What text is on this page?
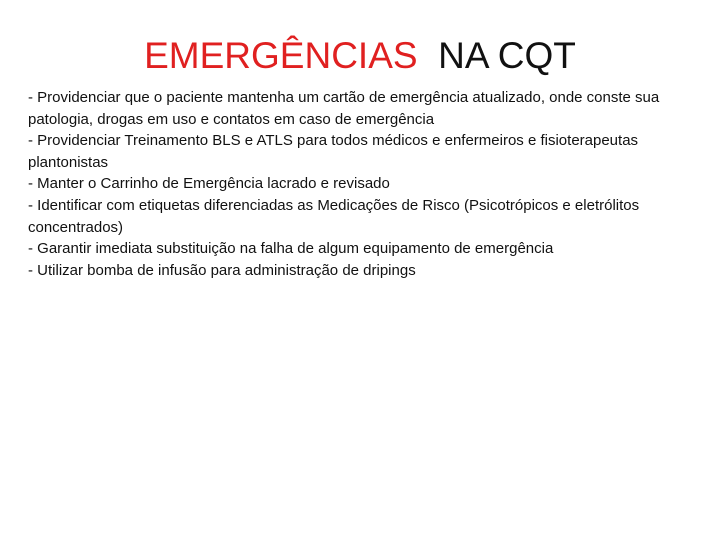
EMERGÊNCIAS NA CQT
- Providenciar que o paciente mantenha um cartão de emergência atualizado, onde conste sua patologia, drogas em uso e contatos em caso de emergência
- Providenciar Treinamento BLS e ATLS para todos médicos e enfermeiros e fisioterapeutas plantonistas
- Manter o Carrinho de Emergência lacrado e revisado
- Identificar com etiquetas diferenciadas as Medicações de Risco (Psicotrópicos e eletrólitos concentrados)
- Garantir imediata substituição na falha de algum equipamento de emergência
- Utilizar bomba de infusão para administração de dripings
